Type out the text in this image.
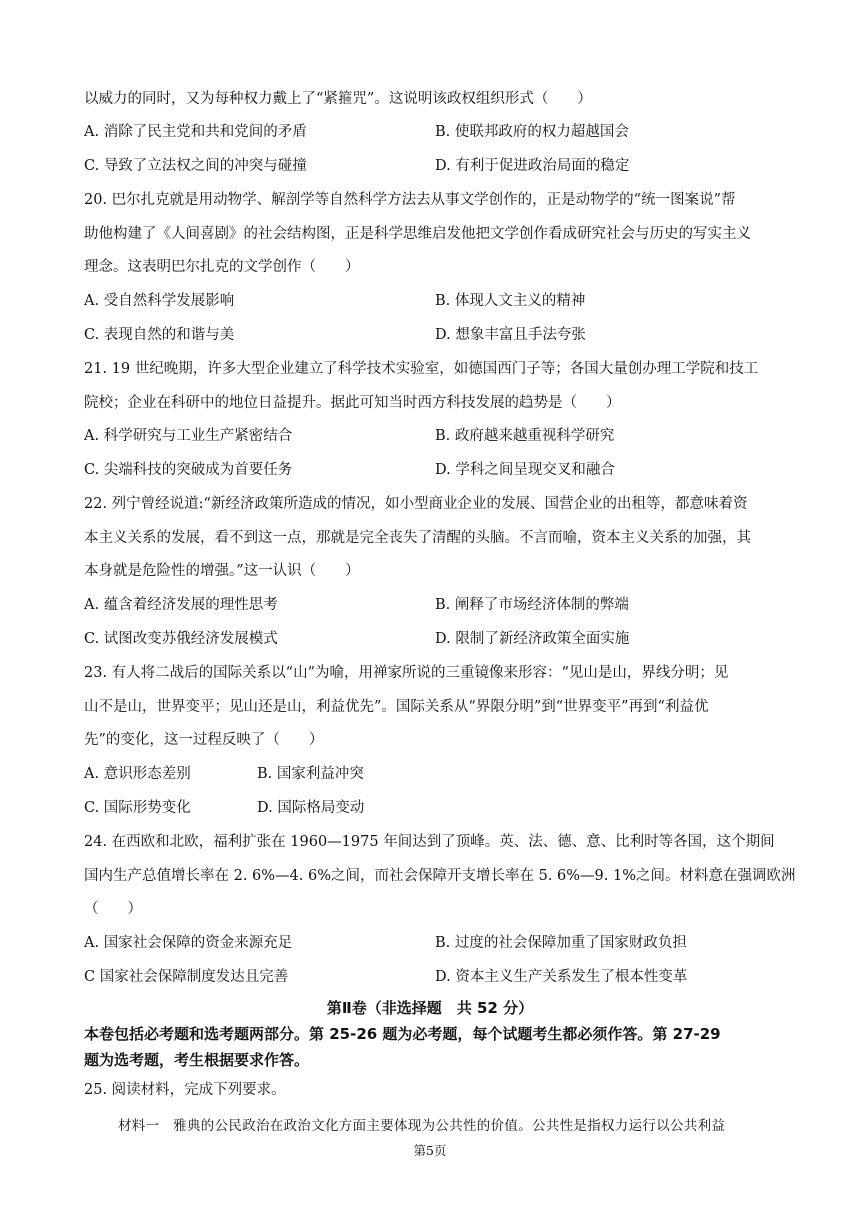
以威力的同时，又为每种权力戴上了“紧箍咒”。这说明该政权组织形式（　　）
A. 消除了民主党和共和党间的矛盾	B. 使联邦政府的权力超越国会
C. 导致了立法权之间的冲突与碰撞	D. 有利于促进政治局面的稳定
20. 巴尔扎克就是用动物学、解剖学等自然科学方法去从事文学创作的，正是动物学的“统一图案说”帮
助他构建了《人间喜剧》的社会结构图，正是科学思维启发他把文学创作看成研究社会与历史的写实主义
理念。这表明巴尔扎克的文学创作（　　）
A. 受自然科学发展影响	B. 体现人文主义的精神
C. 表现自然的和谐与美	D. 想象丰富且手法夸张
21. 19 世纪晚期，许多大型企业建立了科学技术实验室，如德国西门子等；各国大量创办理工学院和技工
院校；企业在科研中的地位日益提升。据此可知当时西方科技发展的趋势是（　　）
A. 科学研究与工业生产紧密结合	B. 政府越来越重视科学研究
C. 尖端科技的突破成为首要任务	D. 学科之间呈现交叉和融合
22. 列宁曾经说道:“新经济政策所造成的情况，如小型商业企业的发展、国营企业的出租等，都意味着资
本主义关系的发展，看不到这一点，那就是完全丧失了清醒的头脑。不言而喻，资本主义关系的加强，其
本身就是危险性的增强。”这一认识（　　）
A. 蕴含着经济发展的理性思考	B. 阐释了市场经济体制的弊端
C. 试图改变苏俄经济发展模式	D. 限制了新经济政策全面实施
23. 有人将二战后的国际关系以“山”为喻，用禅家所说的三重镜像来形容：“见山是山，界线分明；见
山不是山，世界变平；见山还是山，利益优先”。国际关系从“界限分明”到“世界变平”再到“利益优
先”的变化，这一过程反映了（　　）
A. 意识形态差别	B. 国家利益冲突
C. 国际形势变化	D. 国际格局变动
24. 在西欧和北欧，福利扩张在 1960—1975 年间达到了顶峰。英、法、德、意、比利时等各国，这个期间
国内生产总值增长率在 2. 6%—4. 6%之间，而社会保障开支增长率在 5. 6%—9. 1%之间。材料意在强调欧洲
（　　）
A. 国家社会保障的资金来源充足	B. 过度的社会保障加重了国家财政负担
C 国家社会保障制度发达且完善	D. 资本主义生产关系发生了根本性变革
第Ⅱ卷（非选择题　共 52 分）
本卷包括必考题和选考题两部分。第 25-26 题为必考题，每个试题考生都必须作答。第 27-29
题为选考题，考生根据要求作答。
25. 阅读材料，完成下列要求。
材料一　雅典的公民政治在政治文化方面主要体现为公共性的价值。公共性是指权力运行以公共利益
第5页
